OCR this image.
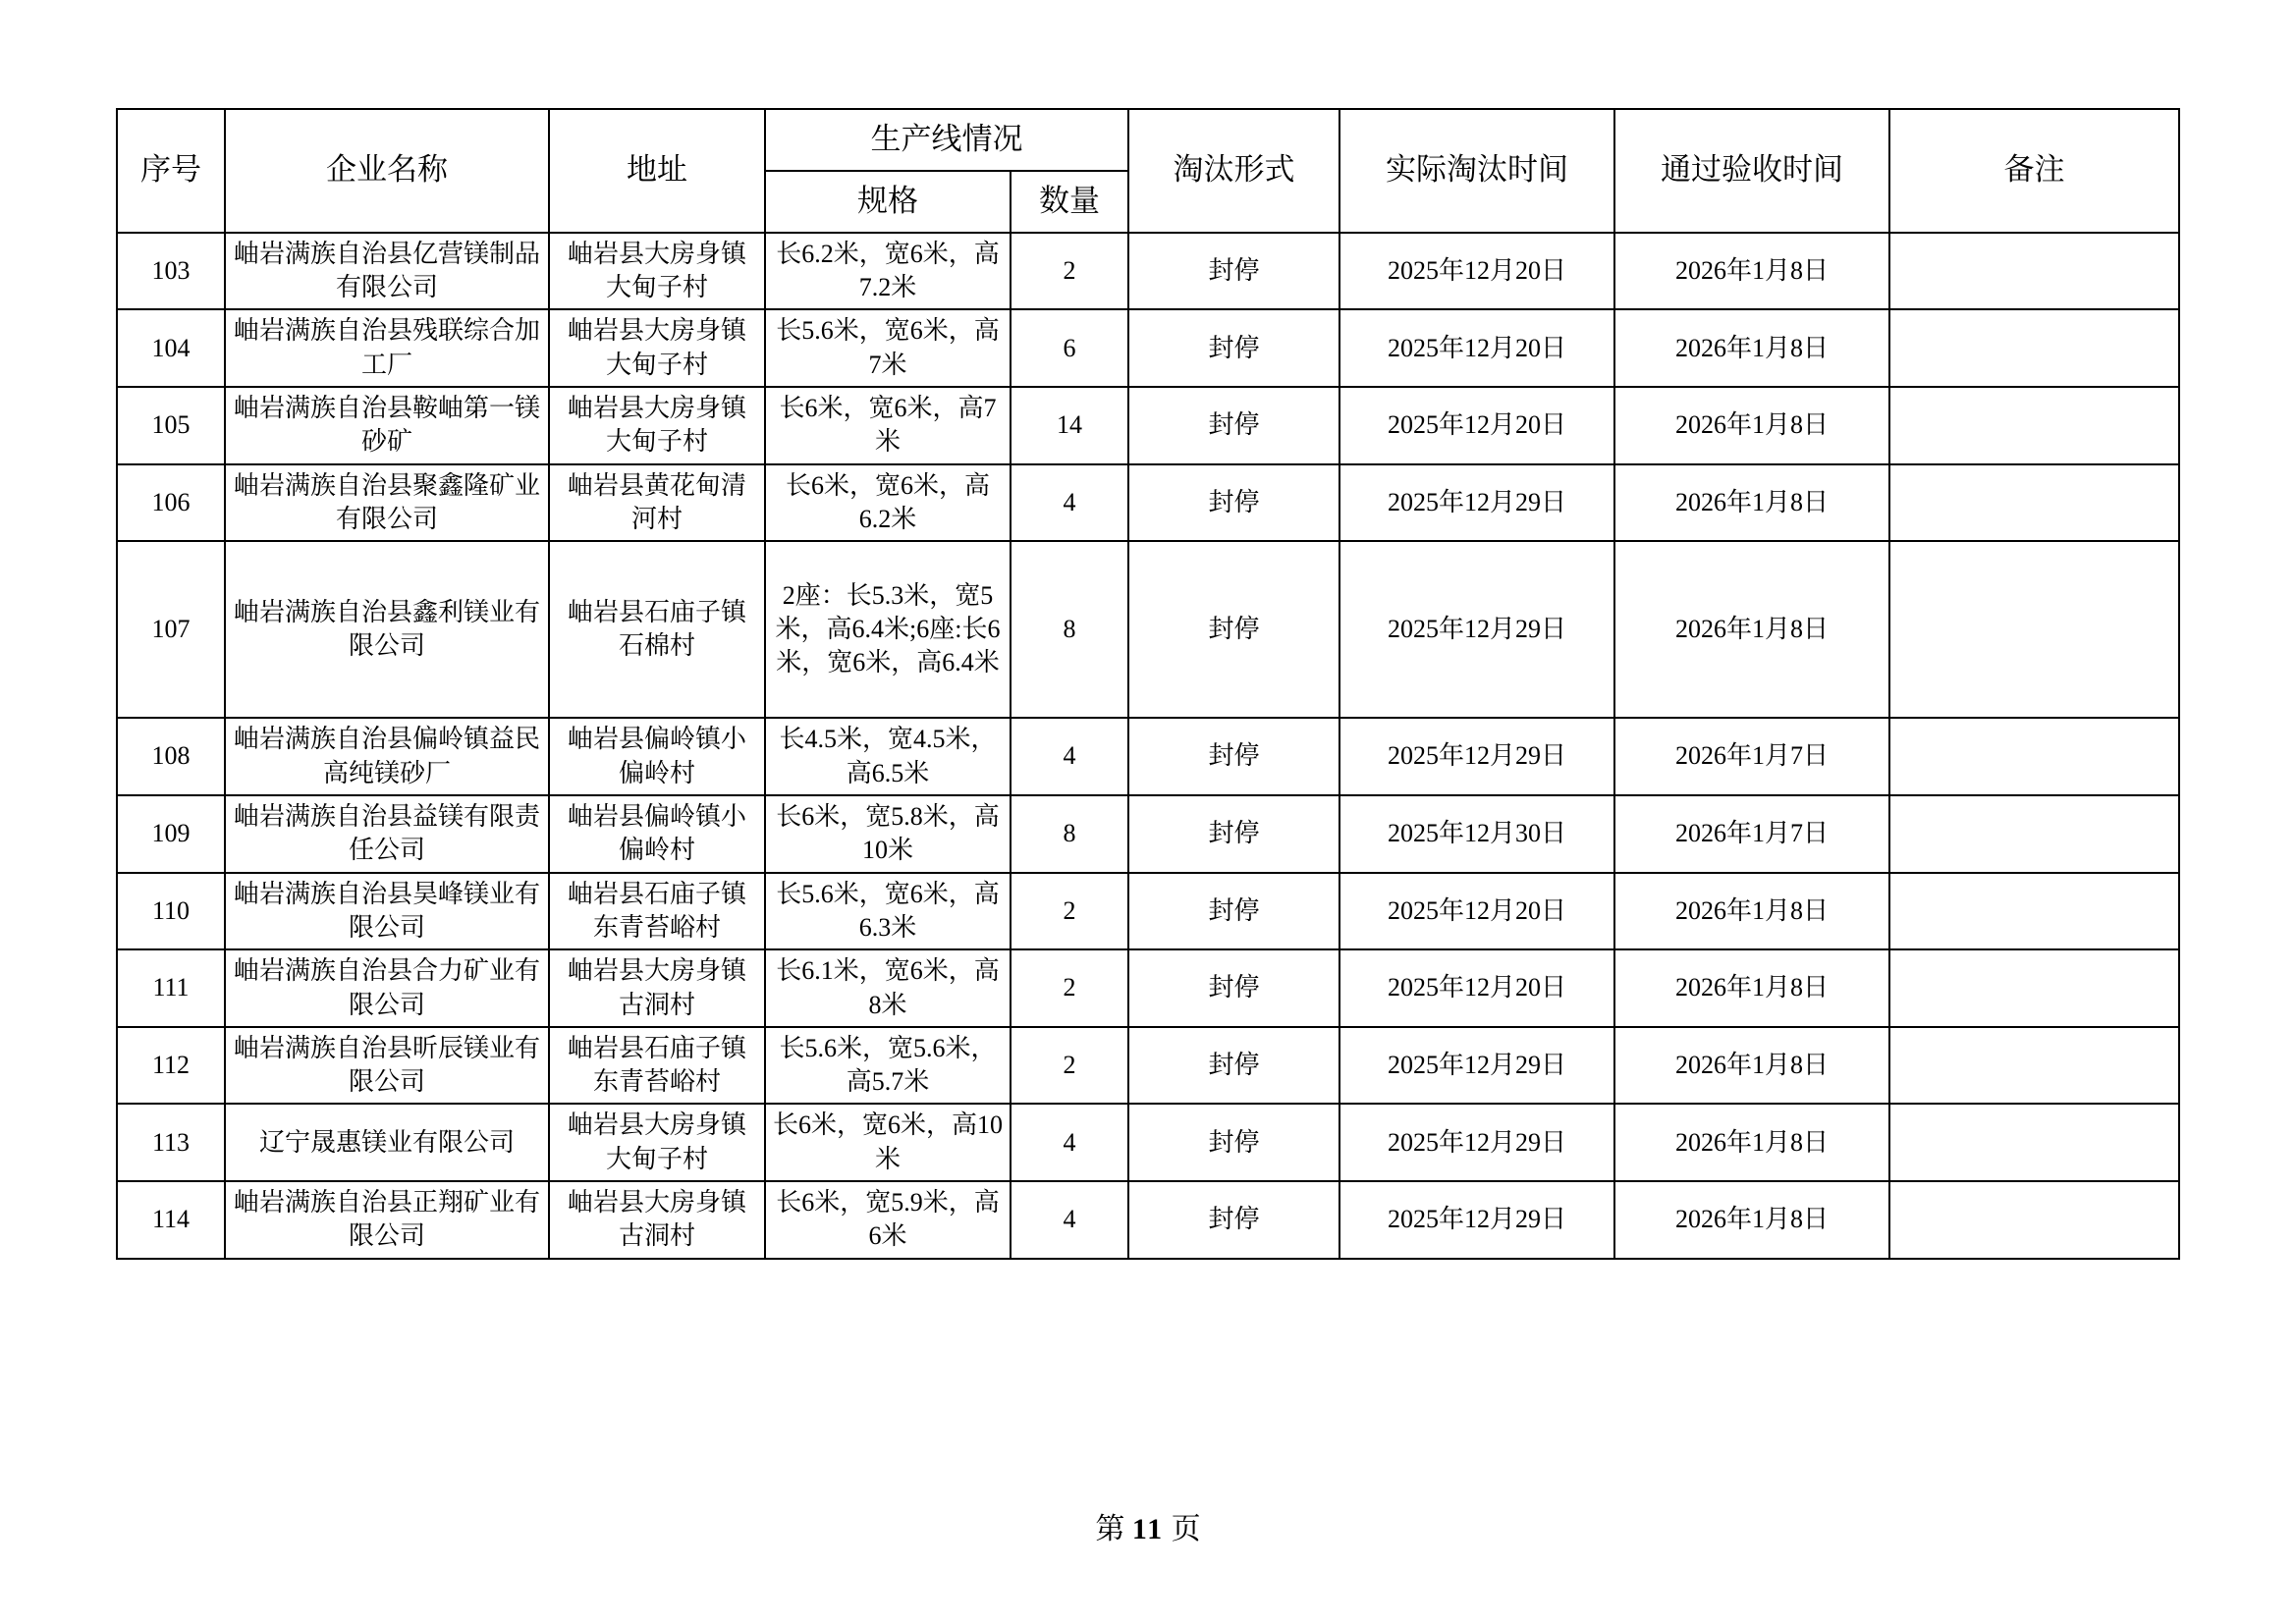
序号	企业名称	地址	生产线情况		淘汰形式	实际淘汰时间	通过验收时间	备注
			规格	数量				
103	岫岩满族自治县亿营镁制品有限公司	岫岩县大房身镇大甸子村	长6.2米，宽6米，高7.2米	2	封停	2025年12月20日	2026年1月8日	
104	岫岩满族自治县残联综合加工厂	岫岩县大房身镇大甸子村	长5.6米，宽6米，高7米	6	封停	2025年12月20日	2026年1月8日	
105	岫岩满族自治县鞍岫第一镁砂矿	岫岩县大房身镇大甸子村	长6米，宽6米，高7米	14	封停	2025年12月20日	2026年1月8日	
106	岫岩满族自治县聚鑫隆矿业有限公司	岫岩县黄花甸清河村	长6米，宽6米，高6.2米	4	封停	2025年12月29日	2026年1月8日	
107	岫岩满族自治县鑫利镁业有限公司	岫岩县石庙子镇石棉村	2座：长5.3米，宽5米，高6.4米;6座:长6米，宽6米，高6.4米	8	封停	2025年12月29日	2026年1月8日	
108	岫岩满族自治县偏岭镇益民高纯镁砂厂	岫岩县偏岭镇小偏岭村	长4.5米，宽4.5米，高6.5米	4	封停	2025年12月29日	2026年1月7日	
109	岫岩满族自治县益镁有限责任公司	岫岩县偏岭镇小偏岭村	长6米，宽5.8米，高10米	8	封停	2025年12月30日	2026年1月7日	
110	岫岩满族自治县昊峰镁业有限公司	岫岩县石庙子镇东青苔峪村	长5.6米，宽6米，高6.3米	2	封停	2025年12月20日	2026年1月8日	
111	岫岩满族自治县合力矿业有限公司	岫岩县大房身镇古洞村	长6.1米，宽6米，高8米	2	封停	2025年12月20日	2026年1月8日	
112	岫岩满族自治县昕辰镁业有限公司	岫岩县石庙子镇东青苔峪村	长5.6米，宽5.6米，高5.7米	2	封停	2025年12月29日	2026年1月8日	
113	辽宁晟惠镁业有限公司	岫岩县大房身镇大甸子村	长6米，宽6米，高10米	4	封停	2025年12月29日	2026年1月8日	
114	岫岩满族自治县正翔矿业有限公司	岫岩县大房身镇古洞村	长6米，宽5.9米，高6米	4	封停	2025年12月29日	2026年1月8日	
第 11 页
